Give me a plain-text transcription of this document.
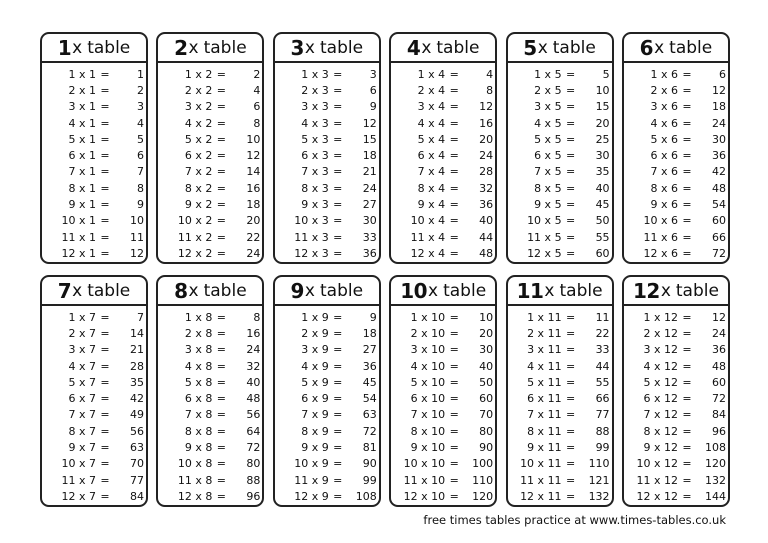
1 x table
1 x 1 =	1
2 x 1 =	2
3 x 1 =	3
4 x 1 =	4
5 x 1 =	5
6 x 1 =	6
7 x 1 =	7
8 x 1 =	8
9 x 1 =	9
10 x 1 =	10
11 x 1 =	11
12 x 1 =	12
2 x table
1 x 2 =	2
2 x 2 =	4
3 x 2 =	6
4 x 2 =	8
5 x 2 =	10
6 x 2 =	12
7 x 2 =	14
8 x 2 =	16
9 x 2 =	18
10 x 2 =	20
11 x 2 =	22
12 x 2 =	24
3 x table
1 x 3 =	3
2 x 3 =	6
3 x 3 =	9
4 x 3 =	12
5 x 3 =	15
6 x 3 =	18
7 x 3 =	21
8 x 3 =	24
9 x 3 =	27
10 x 3 =	30
11 x 3 =	33
12 x 3 =	36
4 x table
1 x 4 =	4
2 x 4 =	8
3 x 4 =	12
4 x 4 =	16
5 x 4 =	20
6 x 4 =	24
7 x 4 =	28
8 x 4 =	32
9 x 4 =	36
10 x 4 =	40
11 x 4 =	44
12 x 4 =	48
5 x table
1 x 5 =	5
2 x 5 =	10
3 x 5 =	15
4 x 5 =	20
5 x 5 =	25
6 x 5 =	30
7 x 5 =	35
8 x 5 =	40
9 x 5 =	45
10 x 5 =	50
11 x 5 =	55
12 x 5 =	60
6 x table
1 x 6 =	6
2 x 6 =	12
3 x 6 =	18
4 x 6 =	24
5 x 6 =	30
6 x 6 =	36
7 x 6 =	42
8 x 6 =	48
9 x 6 =	54
10 x 6 =	60
11 x 6 =	66
12 x 6 =	72
7 x table
1 x 7 =	7
2 x 7 =	14
3 x 7 =	21
4 x 7 =	28
5 x 7 =	35
6 x 7 =	42
7 x 7 =	49
8 x 7 =	56
9 x 7 =	63
10 x 7 =	70
11 x 7 =	77
12 x 7 =	84
8 x table
1 x 8 =	8
2 x 8 =	16
3 x 8 =	24
4 x 8 =	32
5 x 8 =	40
6 x 8 =	48
7 x 8 =	56
8 x 8 =	64
9 x 8 =	72
10 x 8 =	80
11 x 8 =	88
12 x 8 =	96
9 x table
1 x 9 =	9
2 x 9 =	18
3 x 9 =	27
4 x 9 =	36
5 x 9 =	45
6 x 9 =	54
7 x 9 =	63
8 x 9 =	72
9 x 9 =	81
10 x 9 =	90
11 x 9 =	99
12 x 9 =	108
10 x table
1 x 10 =	10
2 x 10 =	20
3 x 10 =	30
4 x 10 =	40
5 x 10 =	50
6 x 10 =	60
7 x 10 =	70
8 x 10 =	80
9 x 10 =	90
10 x 10 =	100
11 x 10 =	110
12 x 10 =	120
11 x table
1 x 11 =	11
2 x 11 =	22
3 x 11 =	33
4 x 11 =	44
5 x 11 =	55
6 x 11 =	66
7 x 11 =	77
8 x 11 =	88
9 x 11 =	99
10 x 11 =	110
11 x 11 =	121
12 x 11 =	132
12 x table
1 x 12 =	12
2 x 12 =	24
3 x 12 =	36
4 x 12 =	48
5 x 12 =	60
6 x 12 =	72
7 x 12 =	84
8 x 12 =	96
9 x 12 =	108
10 x 12 =	120
11 x 12 =	132
12 x 12 =	144
free times tables practice at www.times-tables.co.uk
